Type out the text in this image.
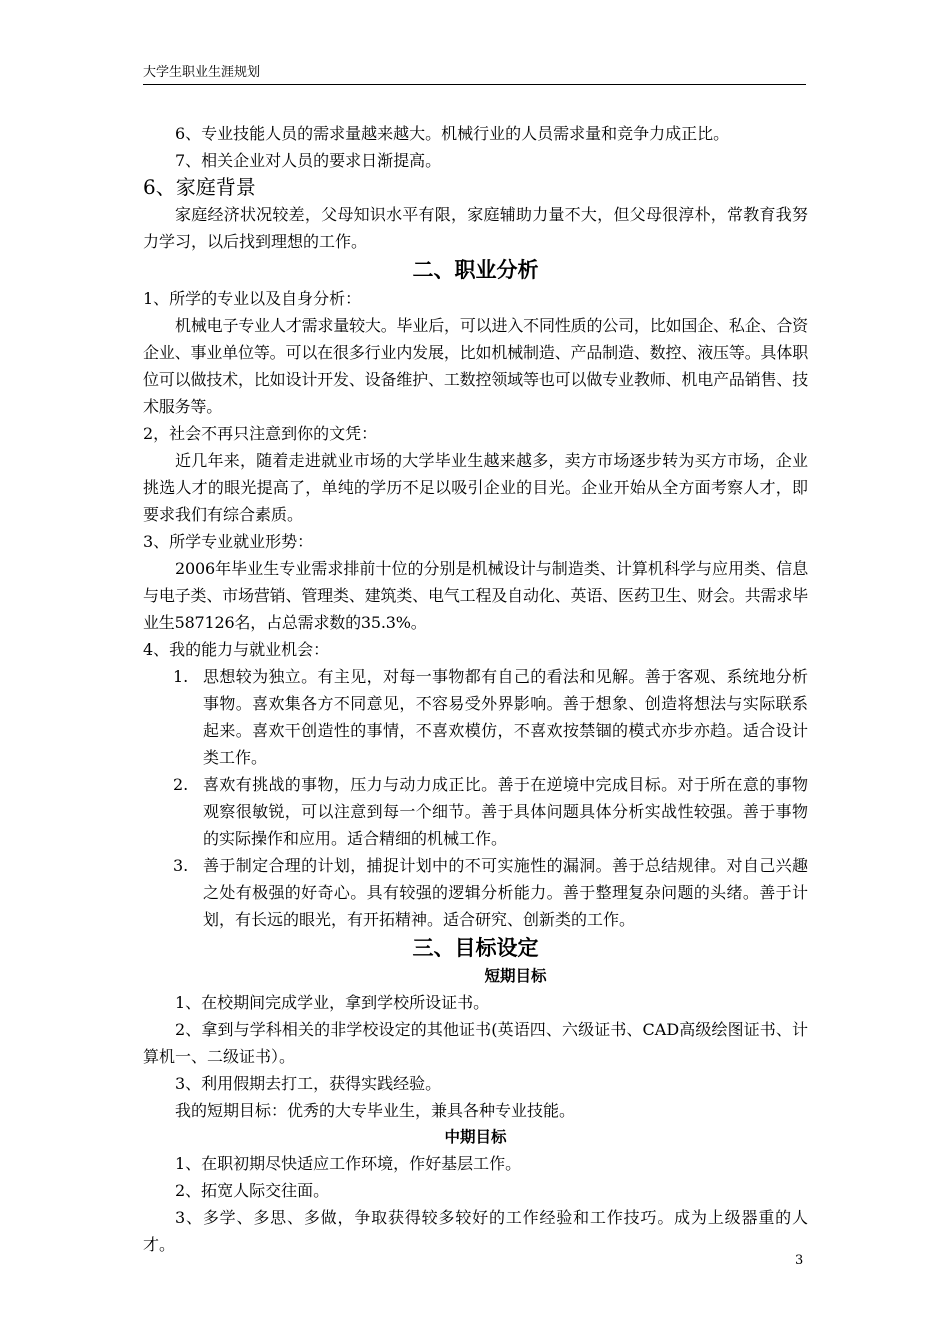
大学生职业生涯规划

6、专业技能人员的需求量越来越大。机械行业的人员需求量和竞争力成正比。

7、相关企业对人员的要求日渐提高。

6、家庭背景

家庭经济状况较差，父母知识水平有限，家庭辅助力量不大，但父母很淳朴，常教育我努力学习，以后找到理想的工作。

二、职业分析

1、所学的专业以及自身分析：

机械电子专业人才需求量较大。毕业后，可以进入不同性质的公司，比如国企、私企、合资企业、事业单位等。可以在很多行业内发展，比如机械制造、产品制造、数控、液压等。具体职位可以做技术，比如设计开发、设备维护、工数控领域等也可以做专业教师、机电产品销售、技术服务等。

2，社会不再只注意到你的文凭：

近几年来，随着走进就业市场的大学毕业生越来越多，卖方市场逐步转为买方市场，企业挑选人才的眼光提高了，单纯的学历不足以吸引企业的目光。企业开始从全方面考察人才，即要求我们有综合素质。

3、所学专业就业形势：

2006年毕业生专业需求排前十位的分别是机械设计与制造类、计算机科学与应用类、信息与电子类、市场营销、管理类、建筑类、电气工程及自动化、英语、医药卫生、财会。共需求毕业生587126名，占总需求数的35.3%。

4、我的能力与就业机会：

1. 思想较为独立。有主见，对每一事物都有自己的看法和见解。善于客观、系统地分析事物。喜欢集各方不同意见，不容易受外界影响。善于想象、创造将想法与实际联系起来。喜欢干创造性的事情，不喜欢模仿，不喜欢按禁锢的模式亦步亦趋。适合设计类工作。
2. 喜欢有挑战的事物，压力与动力成正比。善于在逆境中完成目标。对于所在意的事物观察很敏锐，可以注意到每一个细节。善于具体问题具体分析实战性较强。善于事物的实际操作和应用。适合精细的机械工作。
3. 善于制定合理的计划，捕捉计划中的不可实施性的漏洞。善于总结规律。对自己兴趣之处有极强的好奇心。具有较强的逻辑分析能力。善于整理复杂问题的头绪。善于计划，有长远的眼光，有开拓精神。适合研究、创新类的工作。

三、目标设定

短期目标

1、在校期间完成学业，拿到学校所设证书。

2、拿到与学科相关的非学校设定的其他证书(英语四、六级证书、CAD高级绘图证书、计算机一、二级证书）。

3、利用假期去打工，获得实践经验。

我的短期目标：优秀的大专毕业生，兼具各种专业技能。

中期目标

1、在职初期尽快适应工作环境，作好基层工作。

2、拓宽人际交往面。

3、多学、多思、多做，争取获得较多较好的工作经验和工作技巧。成为上级器重的人才。

3
